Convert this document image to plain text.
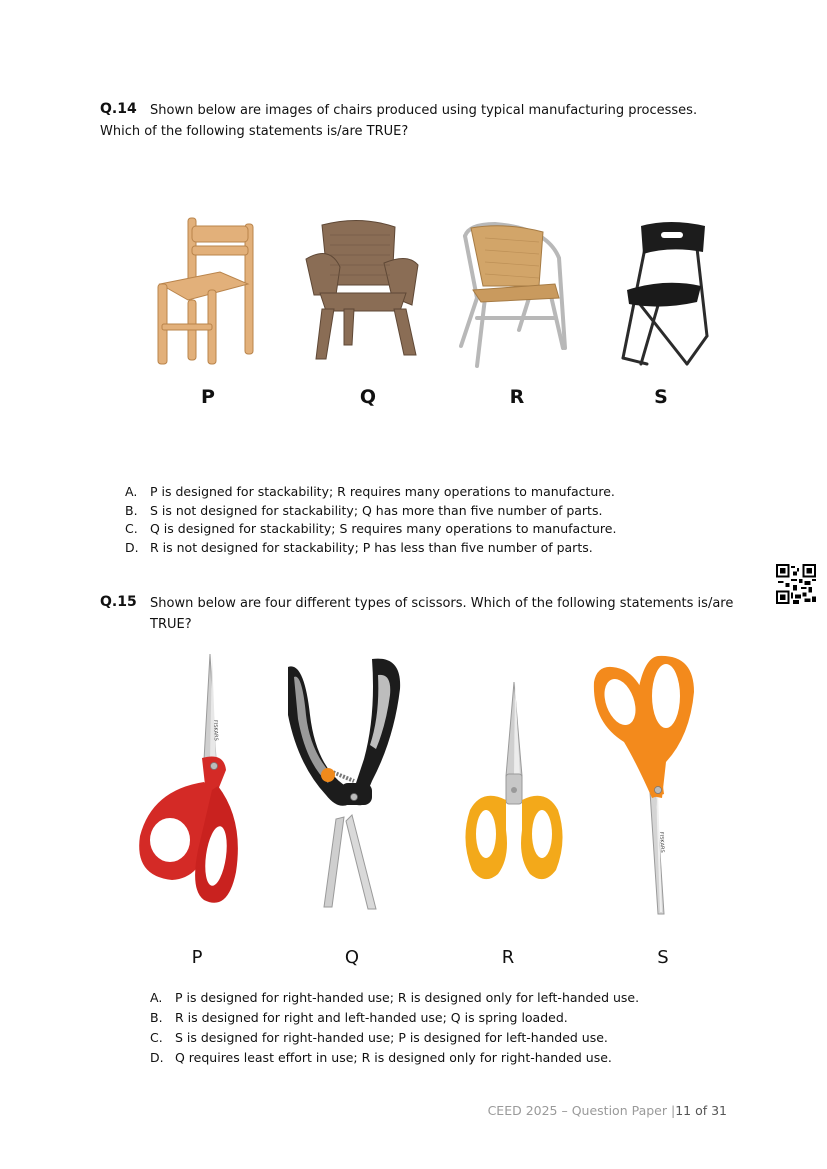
Q.14	Shown below are images of chairs produced using typical manufacturing processes. Which of the following statements is/are TRUE?
P	Q	R	S
A.	P is designed for stackability; R requires many operations to manufacture.
B. S is not designed for stackability; Q has more than five number of parts.
C. Q is designed for stackability; S requires many operations to manufacture.
D. R is not designed for stackability; P has less than five number of parts.
Q.15 Shown below are four different types of scissors. Which of the following statements is/are TRUE?
FISKARS
FISKARS
P	Q	R	S
A.	P is designed for right-handed use; R is designed only for left-handed use.
B. R is designed for right and left-handed use; Q is spring loaded.
C. S is designed for right-handed use; P is designed for left-handed use.
D. Q requires least effort in use; R is designed only for right-handed use.
CEED 2025 – Question Paper |11 of 31
